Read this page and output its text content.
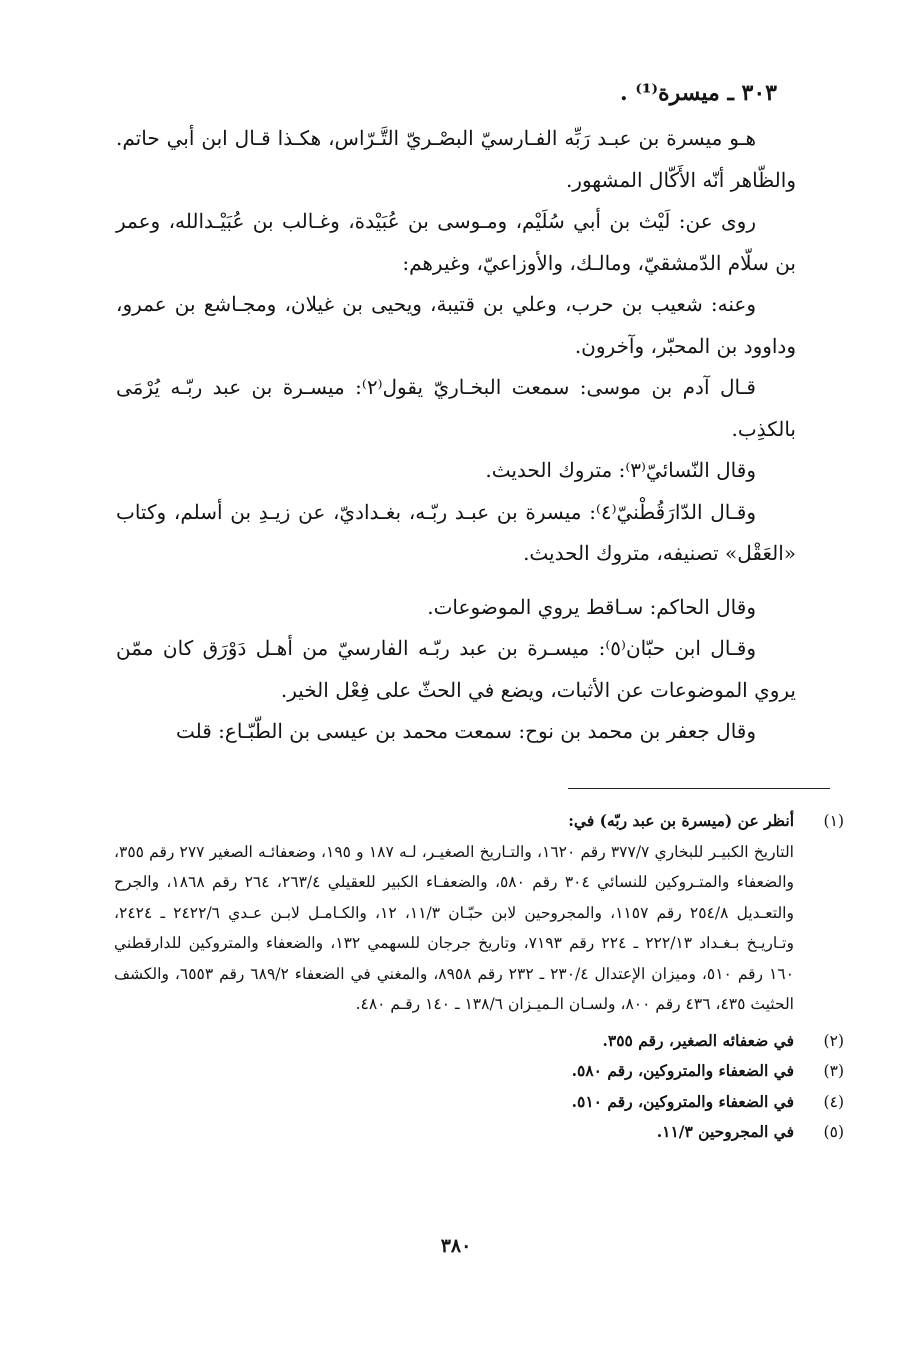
٣٠٣ ـ ميسرة⁽¹⁾ .

هـو ميسرة بن عبـد رَبِّه الفـارسيّ البصْـريّ التَّـرّاس، هكـذا قـال ابن أبي حاتم. والظّاهر أنّه الأَكّال المشهور.

روى عن: لَيْث بن أبي سُلَيْم، ومـوسى بن عُبَيْدة، وغـالب بن عُبَيْـدالله، وعمر بن سلّام الدّمشقيّ، ومالـك، والأوزاعيّ، وغيرهم:

وعنه: شعيب بن حرب، وعلي بن قتيبة، ويحيى بن غيلان، ومجـاشع بن عمرو، وداوود بن المحبّر، وآخرون.

قـال آدم بن موسى: سمعت البخـاريّ يقول⁽٢⁾: ميسـرة بن عبد ربّـه يُرْمَى بالكذِب.

وقال النّسائيّ⁽٣⁾: متروك الحديث.

وقـال الدّارَقُطْنيّ⁽٤⁾: ميسرة بن عبـد ربّـه، بغـداديّ، عن زيـدِ بن أسلم، وكتاب «العَقْل» تصنيفه، متروك الحديث.

وقال الحاكم: سـاقط يروي الموضوعات.

وقـال ابن حبّان⁽٥⁾: ميسـرة بن عبد ربّـه الفارسيّ من أهـل دَوْرَق كان ممّن يروي الموضوعات عن الأثبات، ويضع في الحثّ على فِعْل الخير.

وقال جعفر بن محمد بن نوح: سمعت محمد بن عيسى بن الطّبّـاع: قلت

(١)
أنظر عن (ميسرة بن عبد ربّه) في:
التاريخ الكبيـر للبخاري ٣٧٧/٧ رقم ١٦٢٠، والتـاريخ الصغيـر، لـه ١٨٧ و ١٩٥، وضعفائـه الصغير ٢٧٧ رقم ٣٥٥، والضعفاء والمتـروكين للنسائي ٣٠٤ رقم ٥٨٠، والضعفـاء الكبير للعقيلي ٢٦٣/٤، ٢٦٤ رقم ١٨٦٨، والجرح والتعـديل ٢٥٤/٨ رقم ١١٥٧، والمجروحين لابن حبّـان ١١/٣، ١٢، والكـامـل لابـن عـدي ٢٤٢٢/٦ ـ ٢٤٢٤، وتـاريـخ بـغـداد ٢٢٢/١٣ ـ ٢٢٤ رقم ٧١٩٣، وتاريخ جرجان للسهمي ١٣٢، والضعفاء والمتروكين للدارقطني ١٦٠ رقم ٥١٠، وميزان الإعتدال ٢٣٠/٤ ـ ٢٣٢ رقم ٨٩٥٨، والمغني في الضعفاء ٦٨٩/٢ رقم ٦٥٥٣، والكشف الحثيث ٤٣٥، ٤٣٦ رقم ٨٠٠، ولسـان الـميـزان ١٣٨/٦ ـ ١٤٠ رقـم ٤٨٠.
(٢)
في ضعفائه الصغير، رقم ٣٥٥.
(٣)
في الضعفاء والمتروكين، رقم ٥٨٠.
(٤)
في الضعفاء والمتروكين، رقم ٥١٠.
(٥)
في المجروحين ١١/٣.
٣٨٠
